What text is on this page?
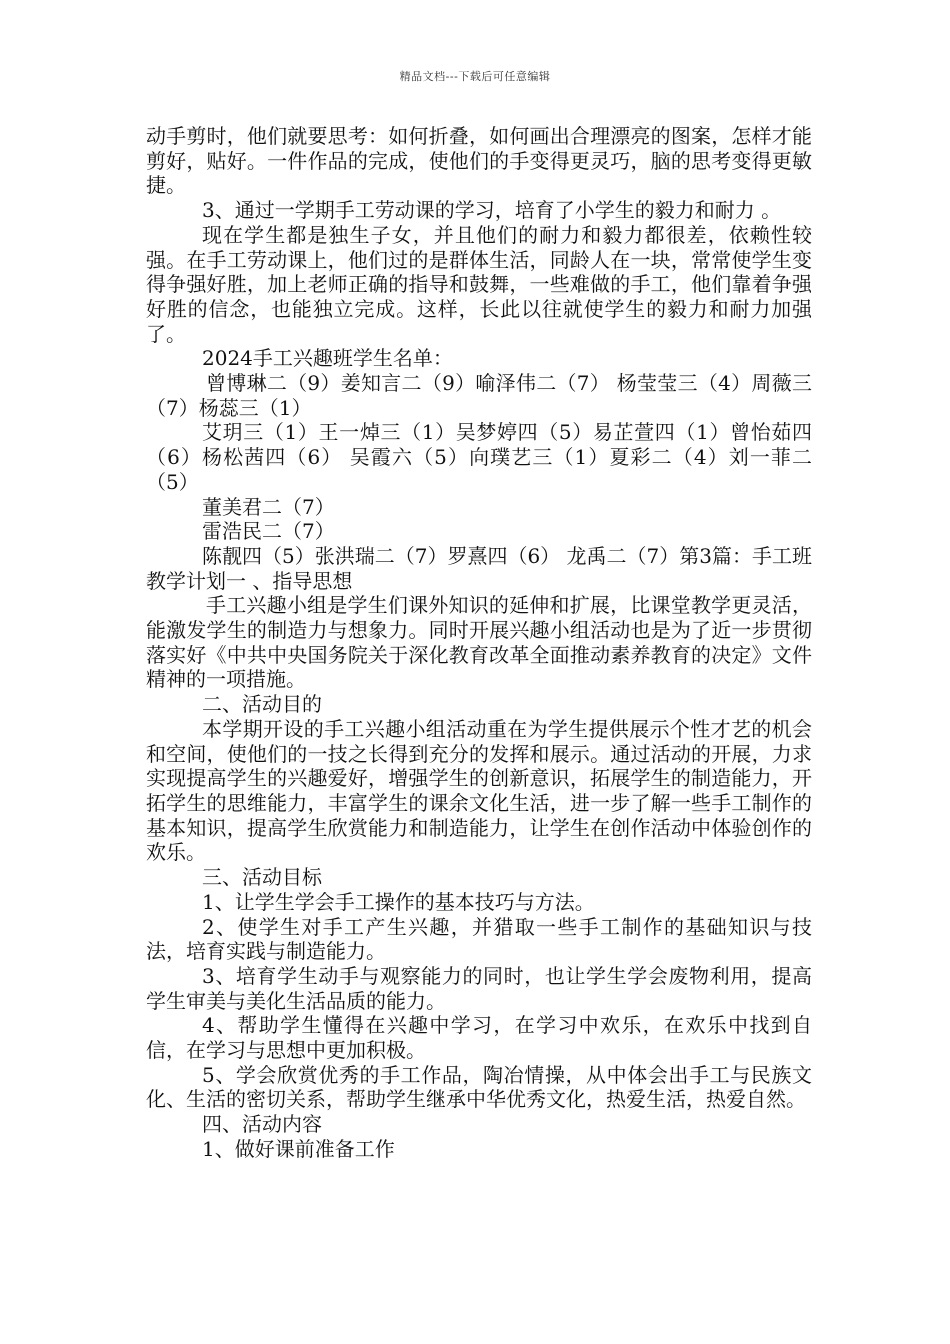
精品文档---下载后可任意编辑

动手剪时，他们就要思考：如何折叠，如何画出合理漂亮的图案，怎样才能剪好，贴好。一件作品的完成，使他们的手变得更灵巧，脑的思考变得更敏捷。

3、通过一学期手工劳动课的学习，培育了小学生的毅力和耐力 。

现在学生都是独生子女，并且他们的耐力和毅力都很差，依赖性较强。在手工劳动课上，他们过的是群体生活，同龄人在一块，常常使学生变得争强好胜，加上老师正确的指导和鼓舞，一些难做的手工，他们靠着争强好胜的信念，也能独立完成。这样，长此以往就使学生的毅力和耐力加强了。

2024手工兴趣班学生名单：

曾博琳二（9）姜知言二（9）喻泽伟二（7） 杨莹莹三（4）周薇三（7）杨蕊三（1）

艾玥三（1）王一焯三（1）吴梦婷四（5）易芷萱四（1）曾怡茹四（6）杨松茜四（6） 吴霞六（5）向璞艺三（1）夏彩二（4）刘一菲二（5）

董美君二（7）

雷浩民二（7）

陈靓四（5）张洪瑞二（7）罗熹四（6） 龙禹二（7）第3篇：手工班教学计划一 、指导思想

手工兴趣小组是学生们课外知识的延伸和扩展，比课堂教学更灵活，能激发学生的制造力与想象力。同时开展兴趣小组活动也是为了近一步贯彻落实好《中共中央国务院关于深化教育改革全面推动素养教育的决定》文件精神的一项措施。

二、活动目的

本学期开设的手工兴趣小组活动重在为学生提供展示个性才艺的机会和空间，使他们的一技之长得到充分的发挥和展示。通过活动的开展，力求实现提高学生的兴趣爱好，增强学生的创新意识，拓展学生的制造能力，开拓学生的思维能力，丰富学生的课余文化生活，进一步了解一些手工制作的基本知识，提高学生欣赏能力和制造能力，让学生在创作活动中体验创作的欢乐。

三、活动目标

1、让学生学会手工操作的基本技巧与方法。

2、使学生对手工产生兴趣，并猎取一些手工制作的基础知识与技法，培育实践与制造能力。

3、培育学生动手与观察能力的同时，也让学生学会废物利用，提高学生审美与美化生活品质的能力。

4、帮助学生懂得在兴趣中学习，在学习中欢乐，在欢乐中找到自信，在学习与思想中更加积极。

5、学会欣赏优秀的手工作品，陶冶情操，从中体会出手工与民族文化、生活的密切关系，帮助学生继承中华优秀文化，热爱生活，热爱自然。

四、活动内容

1、做好课前准备工作
